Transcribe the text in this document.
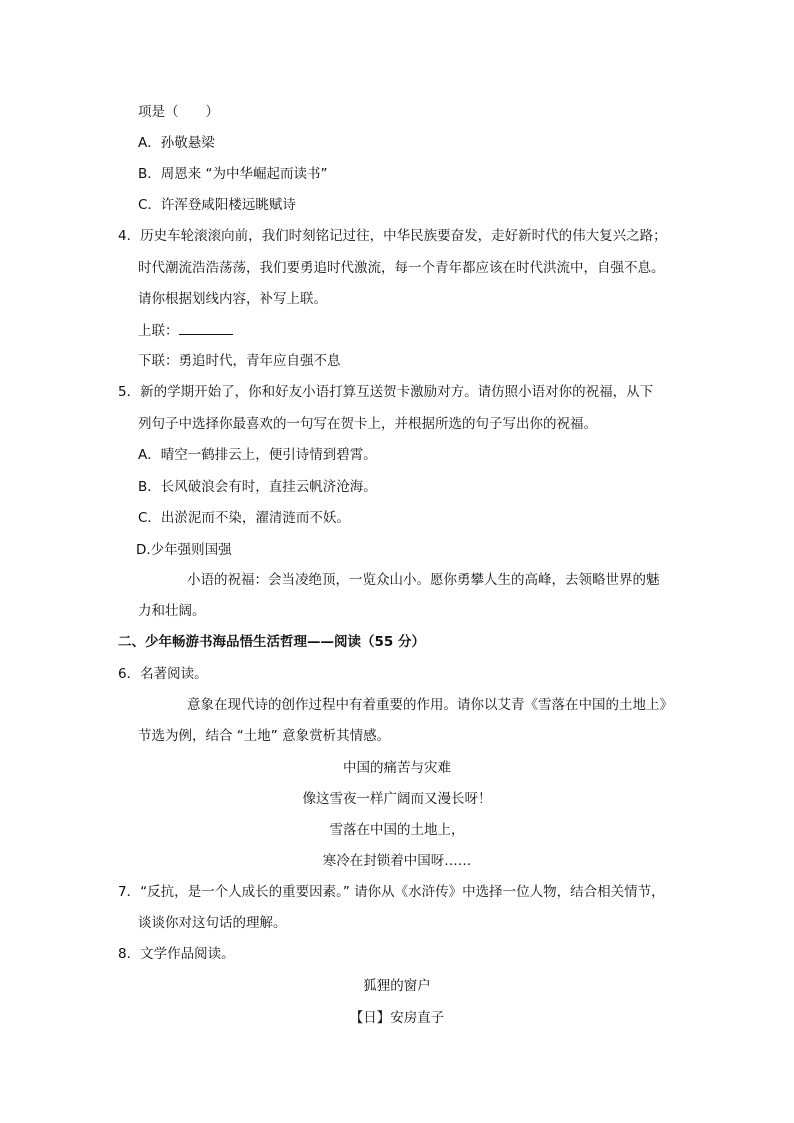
项是（　　）
A．孙敬悬梁
B．周恩来 “为中华崛起而读书”
C．许浑登咸阳楼远眺赋诗
4．历史车轮滚滚向前，我们时刻铭记过往，中华民族要奋发，走好新时代的伟大复兴之路；
时代潮流浩浩荡荡，我们要勇追时代激流，每一个青年都应该在时代洪流中，自强不息。
请你根据划线内容，补写上联。
上联：
下联：勇追时代，青年应自强不息
5．新的学期开始了，你和好友小语打算互送贺卡激励对方。请仿照小语对你的祝福，从下
列句子中选择你最喜欢的一句写在贺卡上，并根据所选的句子写出你的祝福。
A．晴空一鹤排云上，便引诗情到碧霄。
B．长风破浪会有时，直挂云帆济沧海。
C．出淤泥而不染，濯清涟而不妖。
D.少年强则国强
小语的祝福：会当凌绝顶，一览众山小。愿你勇攀人生的高峰，去领略世界的魅
力和壮阔。
二、少年畅游书海品悟生活哲理——阅读（55 分）
6．名著阅读。
意象在现代诗的创作过程中有着重要的作用。请你以艾青《雪落在中国的土地上》
节选为例，结合 “土地” 意象赏析其情感。
中国的痛苦与灾难
像这雪夜一样广阔而又漫长呀！
雪落在中国的土地上，
寒冷在封锁着中国呀……
7．“反抗，是一个人成长的重要因素。” 请你从《水浒传》中选择一位人物，结合相关情节，
谈谈你对这句话的理解。
8．文学作品阅读。
狐狸的窗户
【日】安房直子
